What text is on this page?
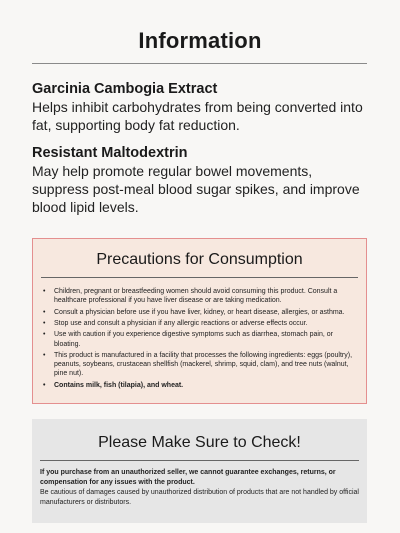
Information
Garcinia Cambogia Extract
Helps inhibit carbohydrates from being converted into fat, supporting body fat reduction.
Resistant Maltodextrin
May help promote regular bowel movements, suppress post-meal blood sugar spikes, and improve blood lipid levels.
Precautions for Consumption
• Children, pregnant or breastfeeding women should avoid consuming this product. Consult a healthcare professional if you have liver disease or are taking medication.
• Consult a physician before use if you have liver, kidney, or heart disease, allergies, or asthma.
• Stop use and consult a physician if any allergic reactions or adverse effects occur.
• Use with caution if you experience digestive symptoms such as diarrhea, stomach pain, or bloating.
• This product is manufactured in a facility that processes the following ingredients: eggs (poultry), peanuts, soybeans, crustacean shellfish (mackerel, shrimp, squid, clam), and tree nuts (walnut, pine nut).
• Contains milk, fish (tilapia), and wheat.
Please Make Sure to Check!
If you purchase from an unauthorized seller, we cannot guarantee exchanges, returns, or compensation for any issues with the product.
Be cautious of damages caused by unauthorized distribution of products that are not handled by official manufacturers or distributors.
